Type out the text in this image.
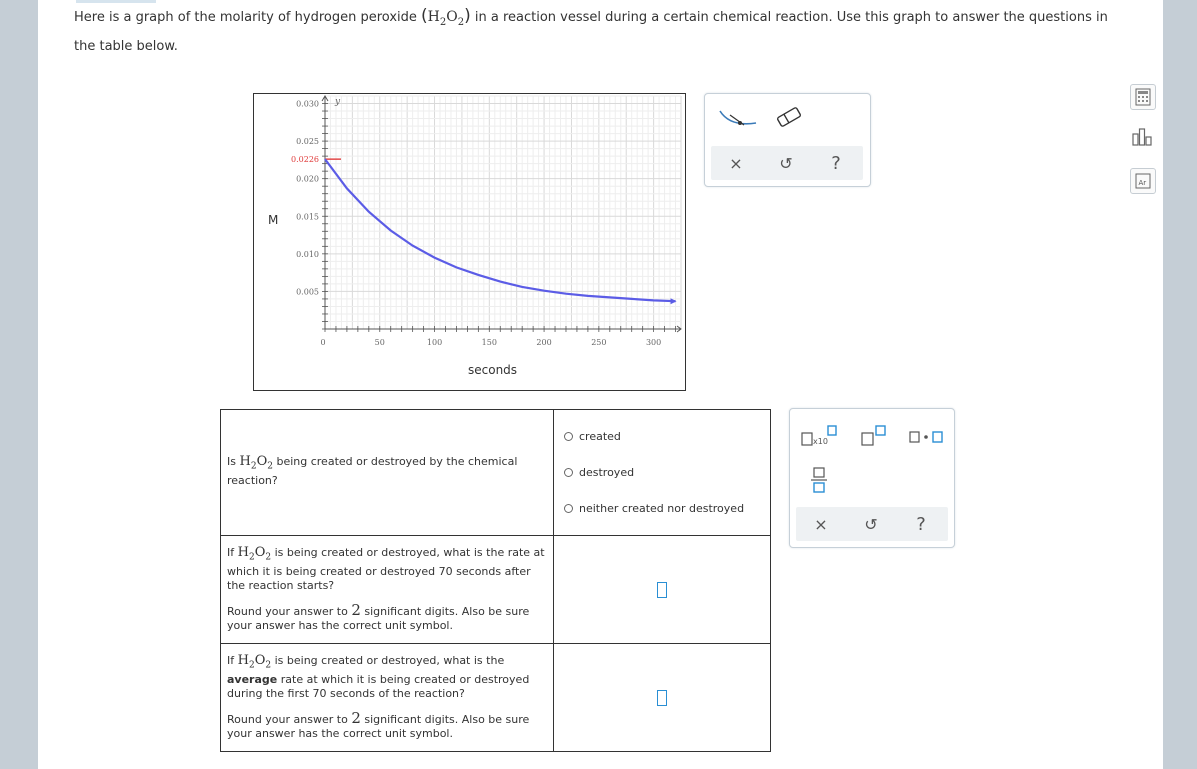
Here is a graph of the molarity of hydrogen peroxide $(H_2O_2)$ in a reaction vessel during a certain chemical reaction. Use this graph to answer the questions in the table below.
y
0	50	100	150	200	250	300
0.005
0.010
0.015
0.020
0.025
0.030
0.0226
seconds
M
× ↺	?
Is $H_2O_2$ being created or destroyed by the chemical reaction?	created
destroyed
neither created nor destroyed

If $H_2O_2$ is being created or destroyed, what is the rate at which it is being created or destroyed 70 seconds after the reaction starts?
Round your answer to 2 significant digits. Also be sure your answer has the correct unit symbol.	

If $H_2O_2$ is being created or destroyed, what is the average rate at which it is being created or destroyed during the first 70 seconds of the reaction?
Round your answer to 2 significant digits. Also be sure your answer has the correct unit symbol.	

x10
× ↺	?
Ar
